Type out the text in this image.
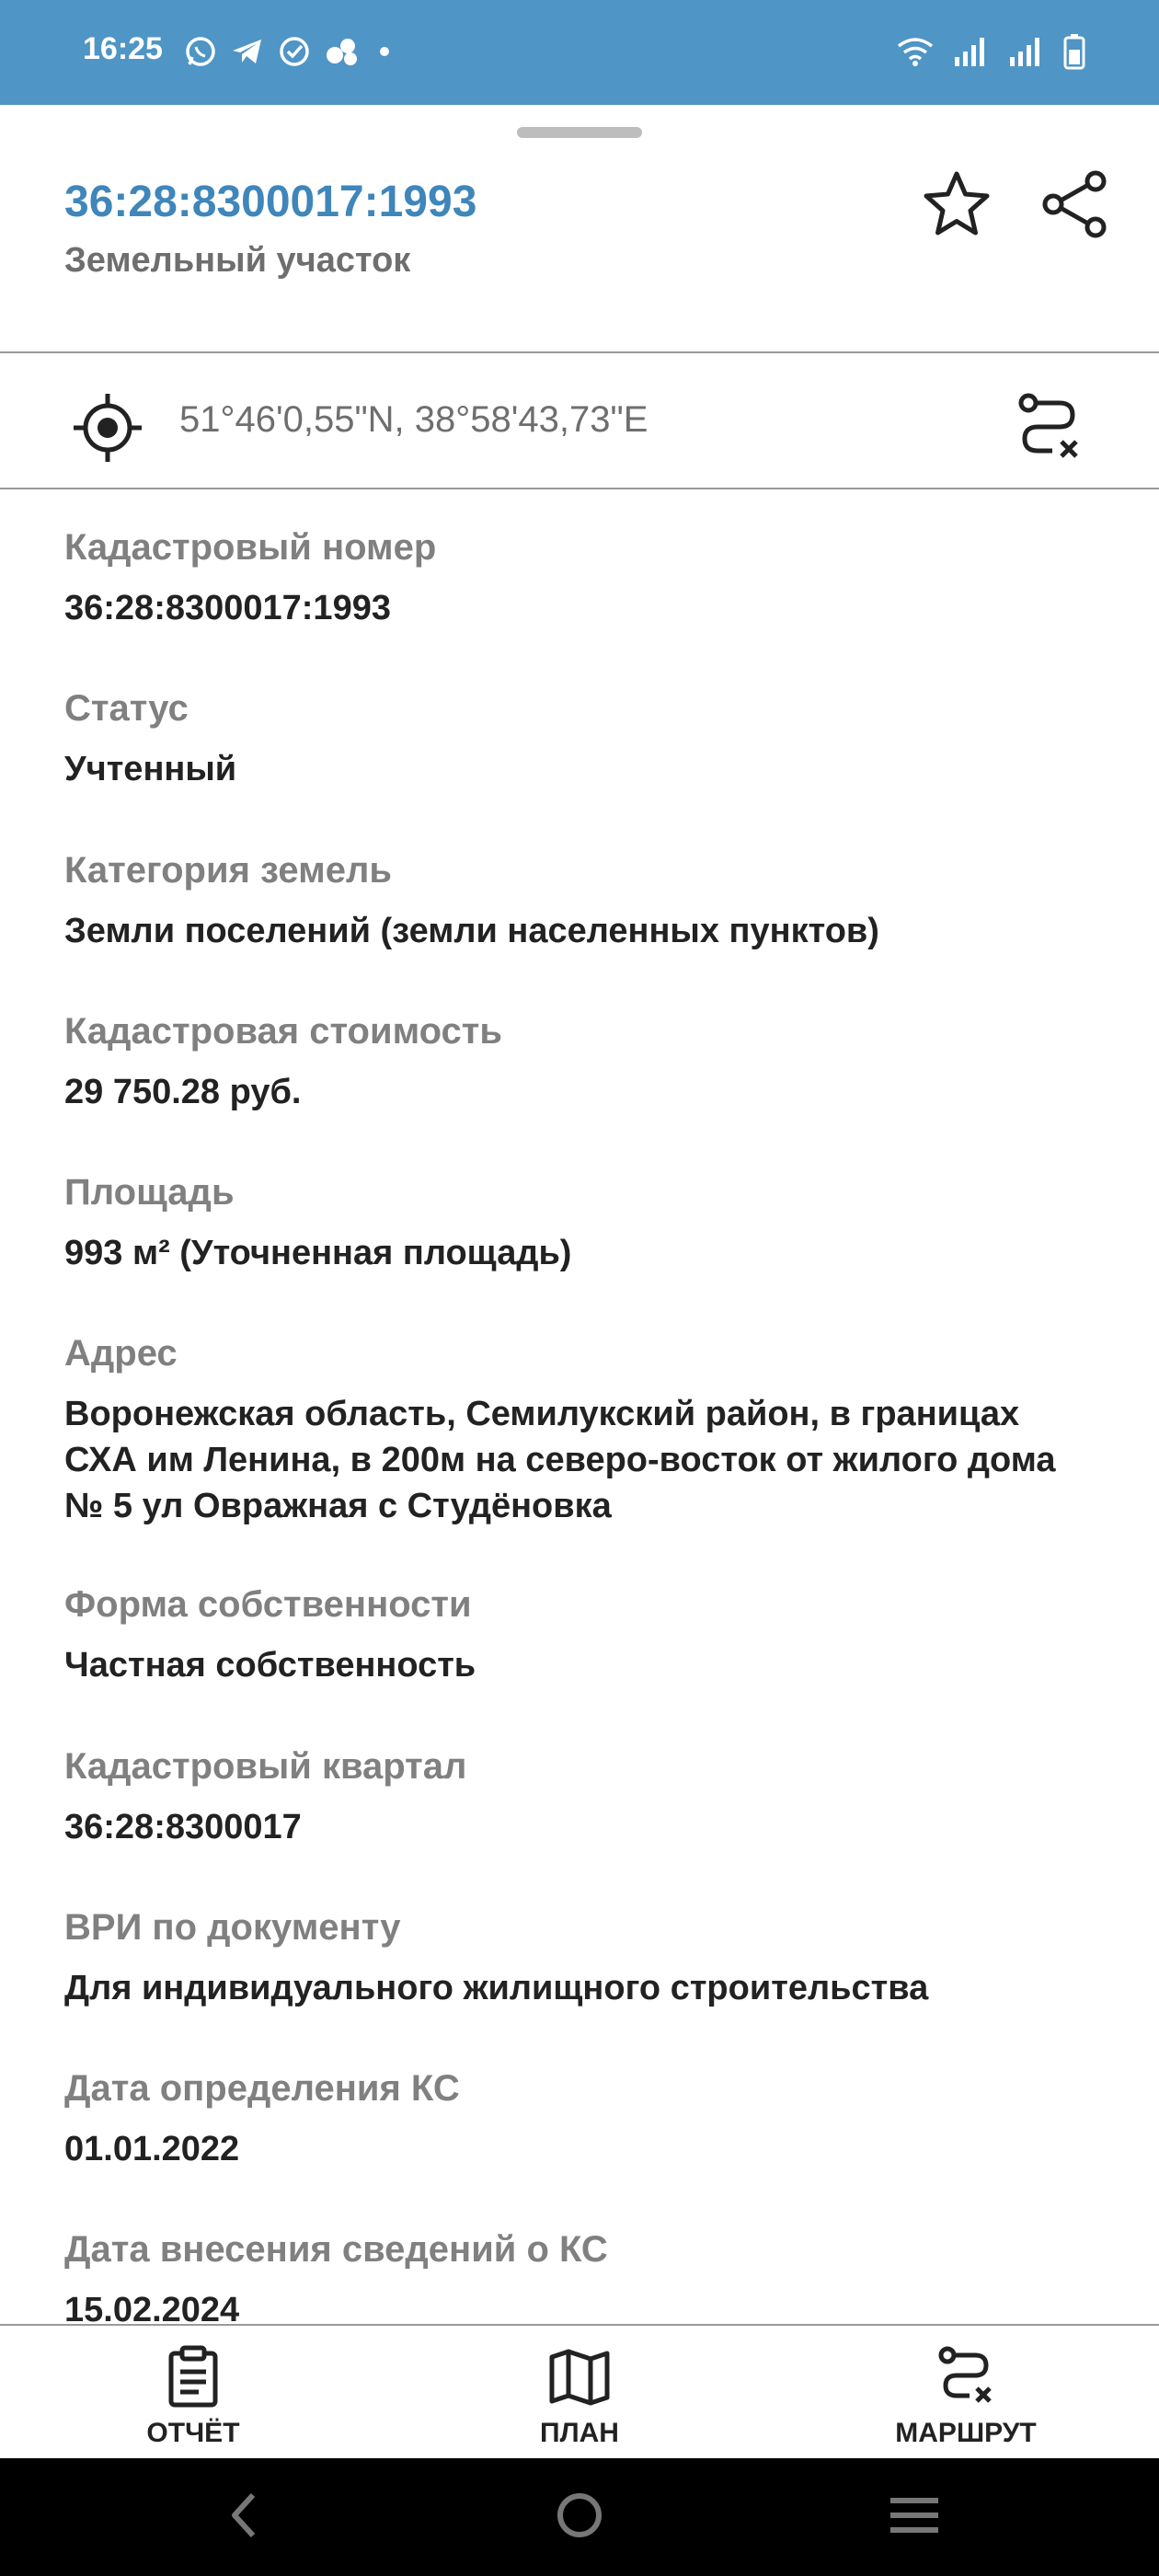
16:25
36:28:8300017:1993
Земельный участок
51°46'0,55"N, 38°58'43,73"E
Кадастровый номер
36:28:8300017:1993
Статус
Учтенный
Категория земель
Земли поселений (земли населенных пунктов)
Кадастровая стоимость
29 750.28 руб.
Площадь
993 м² (Уточненная площадь)
Адрес
Воронежская область, Семилукский район, в границах
СХА им Ленина, в 200м на северо-восток от жилого дома
№ 5 ул Овражная с Студёновка
Форма собственности
Частная собственность
Кадастровый квартал
36:28:8300017
ВРИ по документу
Для индивидуального жилищного строительства
Дата определения КС
01.01.2022
Дата внесения сведений о КС
15.02.2024
ОТЧЁТ	ПЛАН	МАРШРУТ
